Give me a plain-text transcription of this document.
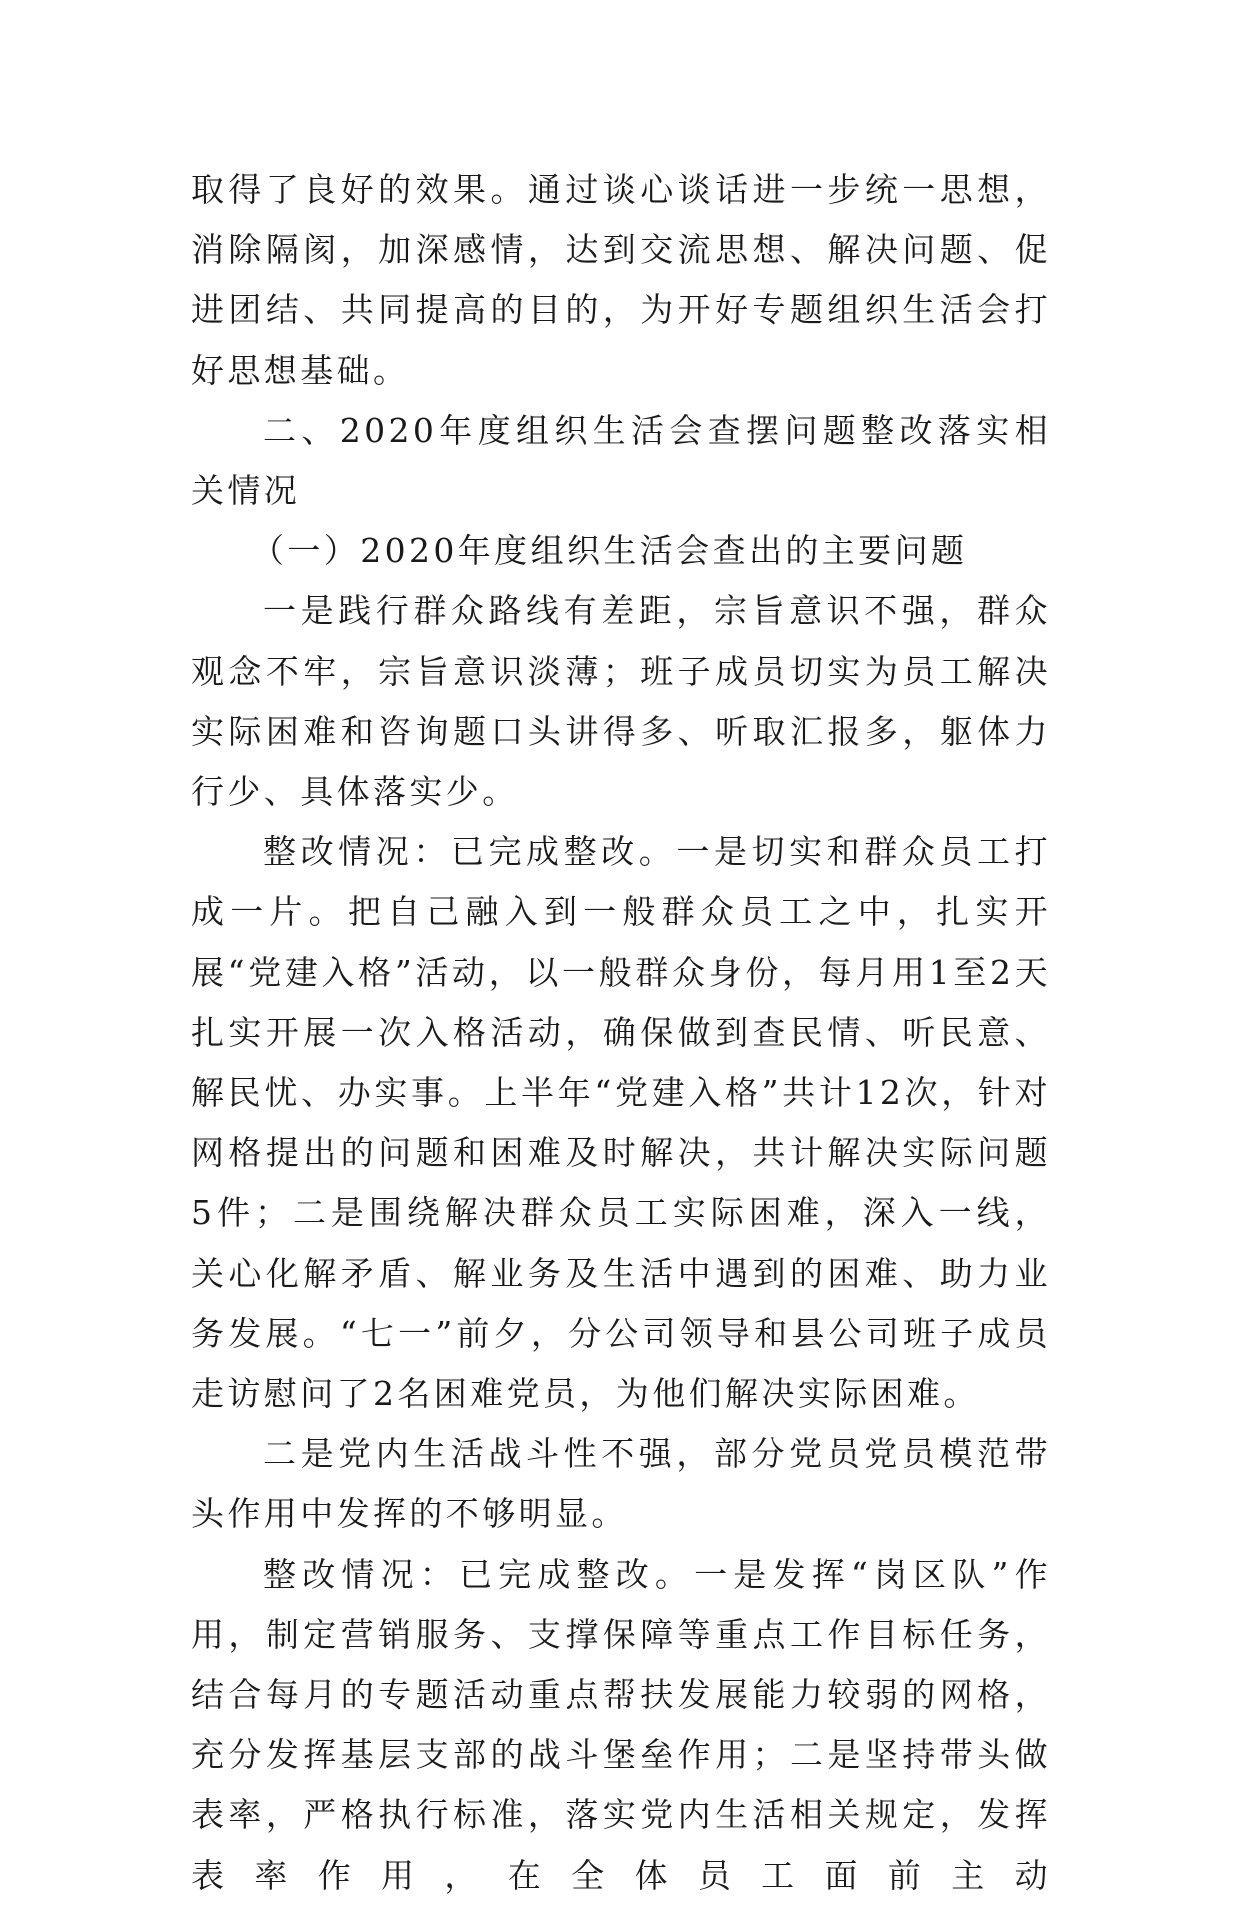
取得了良好的效果。通过谈心谈话进一步统一思想，消除隔阂，加深感情，达到交流思想、解决问题、促进团结、共同提高的目的，为开好专题组织生活会打好思想基础。

二、2020年度组织生活会查摆问题整改落实相关情况

（一）2020年度组织生活会查出的主要问题

一是践行群众路线有差距，宗旨意识不强，群众观念不牢，宗旨意识淡薄；班子成员切实为员工解决实际困难和咨询题口头讲得多、听取汇报多，躯体力行少、具体落实少。

整改情况：已完成整改。一是切实和群众员工打成一片。把自己融入到一般群众员工之中，扎实开展“党建入格”活动，以一般群众身份，每月用1至2天扎实开展一次入格活动，确保做到查民情、听民意、解民忧、办实事。上半年“党建入格”共计12次，针对网格提出的问题和困难及时解决，共计解决实际问题5件；二是围绕解决群众员工实际困难，深入一线，关心化解矛盾、解业务及生活中遇到的困难、助力业务发展。“七一”前夕，分公司领导和县公司班子成员走访慰问了2名困难党员，为他们解决实际困难。

二是党内生活战斗性不强，部分党员党员模范带头作用中发挥的不够明显。

整改情况：已完成整改。一是发挥“岗区队”作用，制定营销服务、支撑保障等重点工作目标任务，结合每月的专题活动重点帮扶发展能力较弱的网格，充分发挥基层支部的战斗堡垒作用；二是坚持带头做表率，严格执行标准，落实党内生活相关规定，发挥表率作用，在全体员工面前主动
